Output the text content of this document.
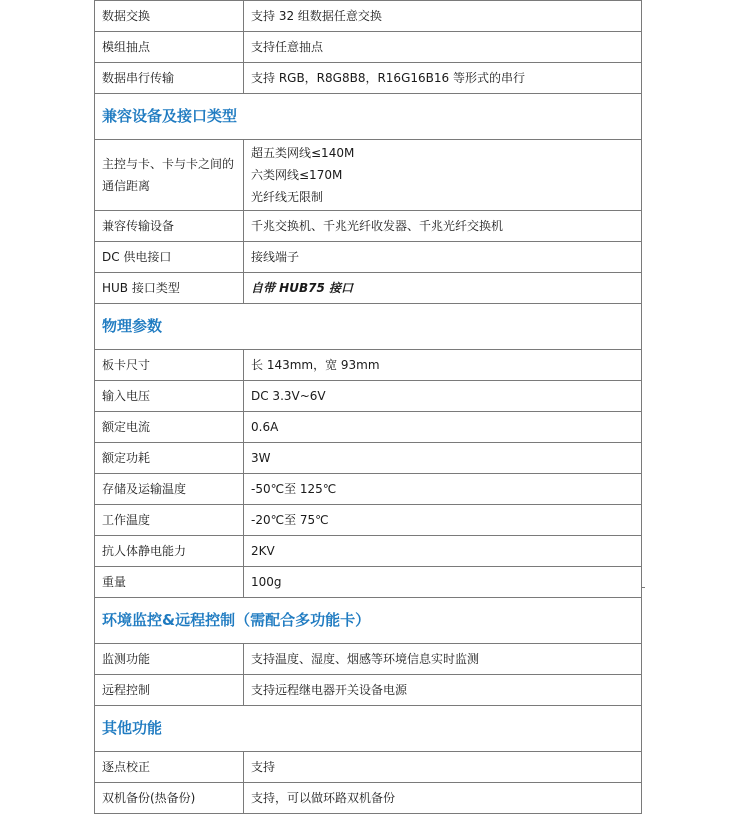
数据交换	支持 32 组数据任意交换
模组抽点	支持任意抽点
数据串行传输	支持 RGB，R8G8B8，R16G16B16 等形式的串行
兼容设备及接口类型	
主控与卡、卡与卡之间的通信距离	超五类网线≤140M
六类网线≤170M
光纤线无限制

兼容传输设备	千兆交换机、千兆光纤收发器、千兆光纤交换机
DC 供电接口	接线端子
HUB 接口类型	自带 HUB75 接口
物理参数	
板卡尺寸	长 143mm，宽 93mm
输入电压	DC 3.3V~6V
额定电流	0.6A
额定功耗	3W
存储及运输温度	-50℃至 125℃
工作温度	-20℃至 75℃
抗人体静电能力	2KV
重量	100g
环境监控&远程控制（需配合多功能卡）	
监测功能	支持温度、湿度、烟感等环境信息实时监测
远程控制	支持远程继电器开关设备电源
其他功能	
逐点校正	支持
双机备份(热备份)	支持，可以做环路双机备份
